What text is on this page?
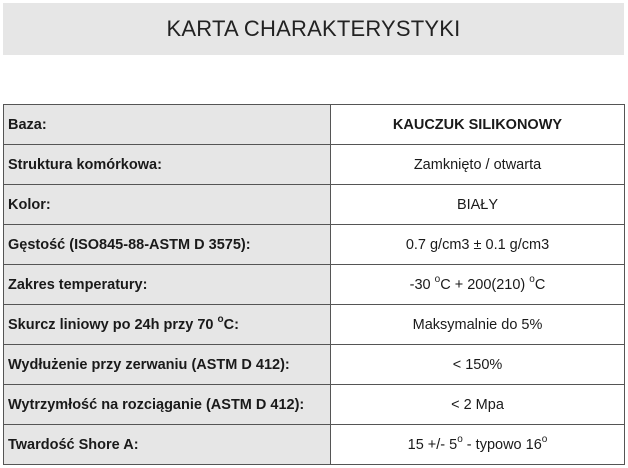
KARTA CHARAKTERYSTYKI
Baza:	KAUCZUK SILIKONOWY
Struktura komórkowa:	Zamknięto / otwarta
Kolor:	BIAŁY
Gęstość (ISO845-88-ASTM D 3575):	0.7 g/cm3 ± 0.1 g/cm3
Zakres temperatury:	-30 $^o$C + 200(210) $^o$C
Skurcz liniowy po 24h przy 70 $^o$C:	Maksymalnie do 5%
Wydłużenie przy zerwaniu (ASTM D 412):	< 150%
Wytrzymłość na rozciąganie (ASTM D 412):	< 2 Mpa
Twardość Shore A:	15 +/- 5$^o$ - typowo 16$^o$
